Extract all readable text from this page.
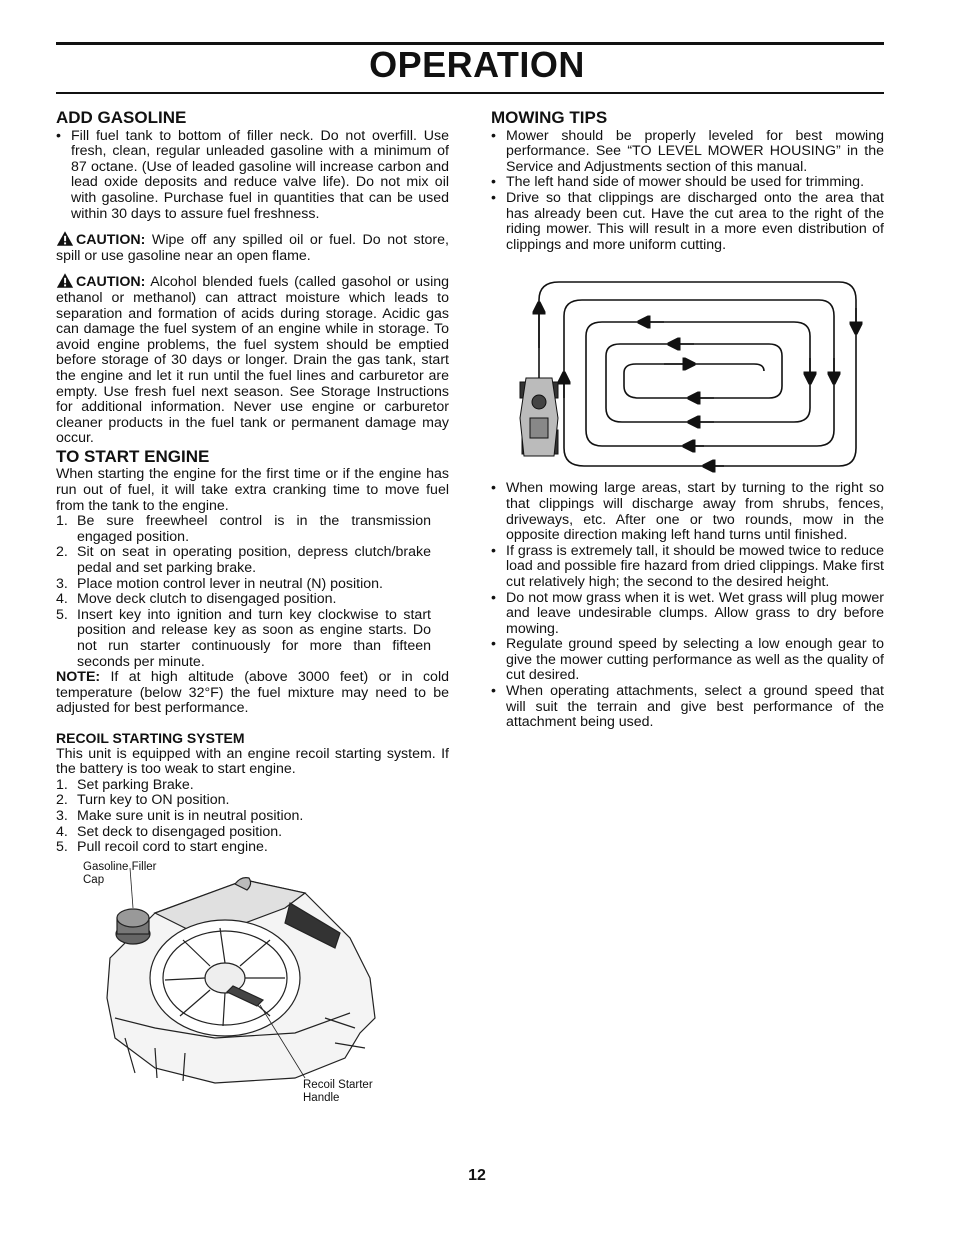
OPERATION
ADD GASOLINE
• Fill fuel tank to bottom of filler neck. Do not overfill. Use fresh, clean, regular unleaded gasoline with a minimum of 87 octane. (Use of leaded gasoline will increase carbon and lead oxide deposits and reduce valve life). Do not mix oil with gasoline. Purchase fuel in quantities that can be used within 30 days to assure fuel freshness.

CAUTION: Wipe off any spilled oil or fuel. Do not store, spill or use gasoline near an open flame.

CAUTION: Alcohol blended fuels (called gasohol or using ethanol or methanol) can attract moisture which leads to separation and formation of acids during storage. Acidic gas can damage the fuel system of an engine while in storage. To avoid engine problems, the fuel system should be emptied before storage of 30 days or longer. Drain the gas tank, start the engine and let it run until the fuel lines and carburetor are empty. Use fresh fuel next season. See Storage Instructions for additional information. Never use engine or carburetor cleaner products in the fuel tank or permanent damage may occur.

TO START ENGINE

When starting the engine for the first time or if the engine has run out of fuel, it will take extra cranking time to move fuel from the tank to the engine.

1. Be sure freewheel control is in the transmission engaged position.
2. Sit on seat in operating position, depress clutch/brake pedal and set parking brake.
3. Place motion control lever in neutral (N) position.
4. Move deck clutch to disengaged position.
5. Insert key into ignition and turn key clockwise to start position and release key as soon as engine starts. Do not run starter continuously for more than fifteen seconds per minute.

NOTE: If at high altitude (above 3000 feet) or in cold temperature (below 32°F) the fuel mixture may need to be adjusted for best performance.

RECOIL STARTING SYSTEM

This unit is equipped with an engine recoil starting system. If the battery is too weak to start engine.

1. Set parking Brake.
2. Turn key to ON position.
3. Make sure unit is in neutral position.
4. Set deck to disengaged position.
5. Pull recoil cord to start engine.
Gasoline Filler
Cap
Recoil Starter
Handle
MOWING TIPS
• Mower should be properly leveled for best mowing performance. See “TO LEVEL MOWER HOUSING” in the Service and Adjustments section of this manual.
• The left hand side of mower should be used for trimming.
• Drive so that clippings are discharged onto the area that has already been cut. Have the cut area to the right of the riding mower. This will result in a more even distribution of clippings and more uniform cutting.
• When mowing large areas, start by turning to the right so that clippings will discharge away from shrubs, fences, driveways, etc. After one or two rounds, mow in the opposite direction making left hand turns until finished.
• If grass is extremely tall, it should be mowed twice to reduce load and possible fire hazard from dried clippings. Make first cut relatively high; the second to the desired height.
• Do not mow grass when it is wet. Wet grass will plug mower and leave undesirable clumps. Allow grass to dry before mowing.
• Regulate ground speed by selecting a low enough gear to give the mower cutting performance as well as the quality of cut desired.
• When operating attachments, select a ground speed that will suit the terrain and give best performance of the attachment being used.
12
